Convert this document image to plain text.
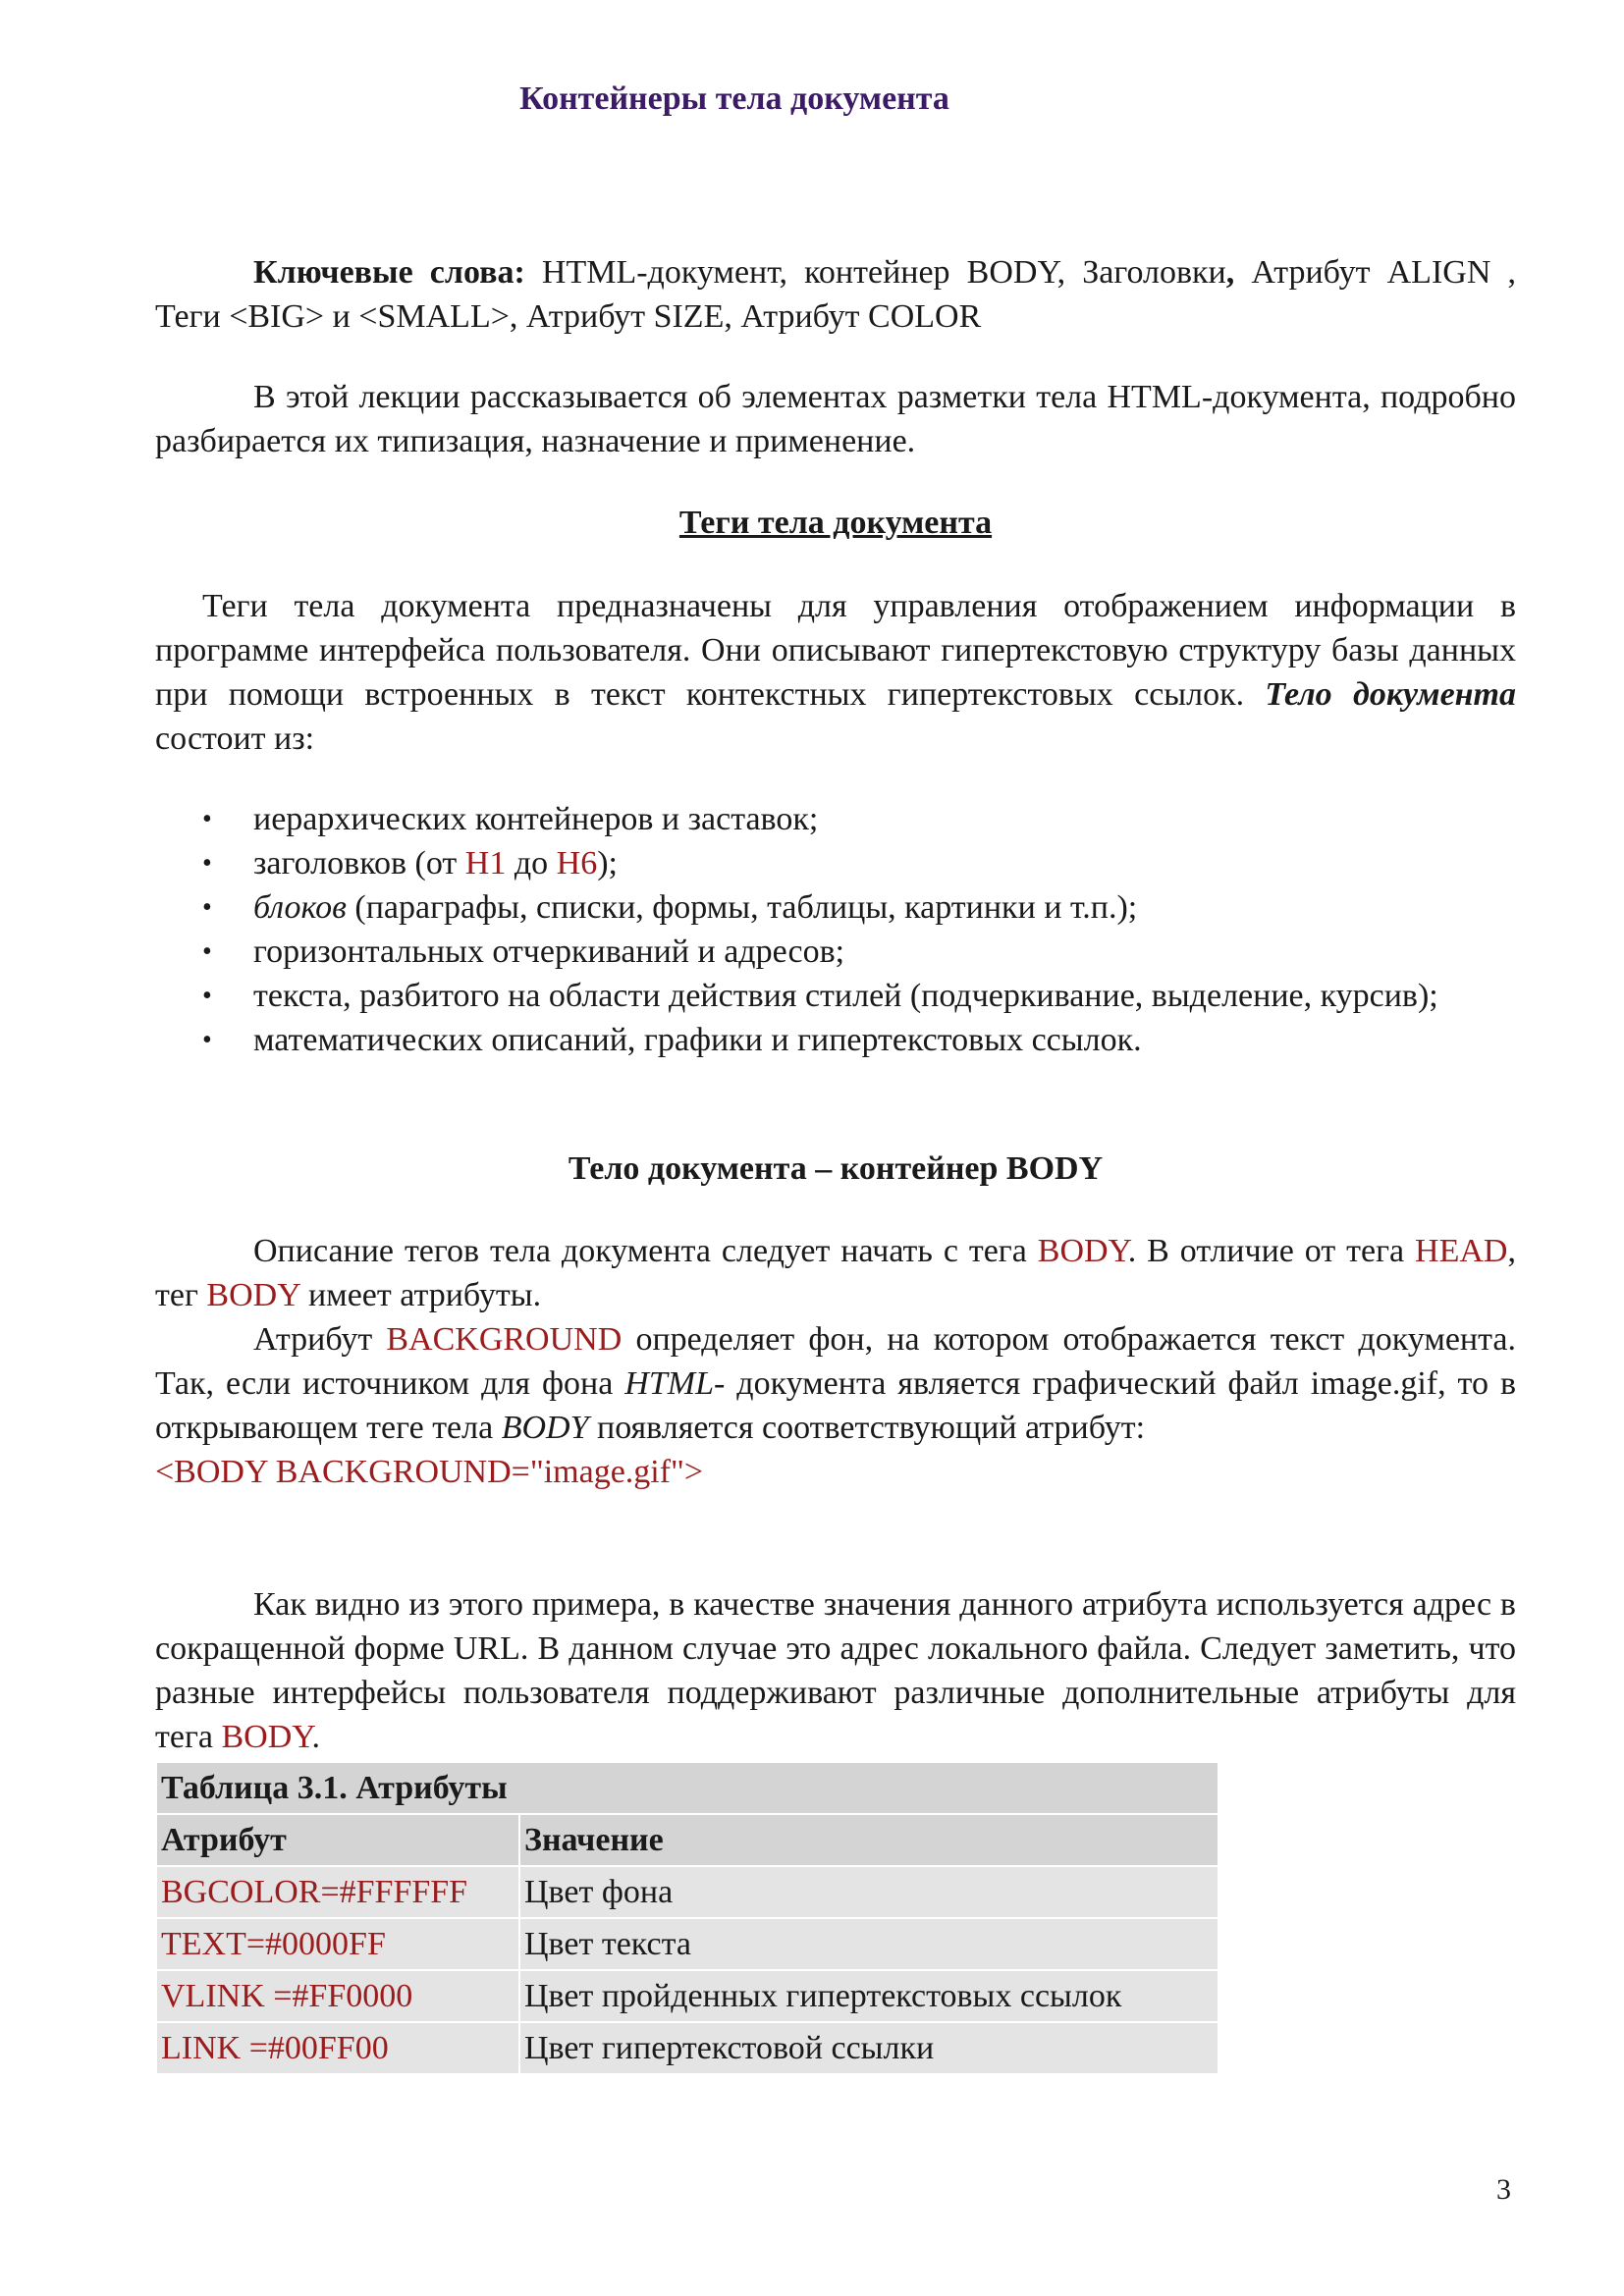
Контейнеры тела документа
Ключевые слова: HTML-документ, контейнер BODY, Заголовки, Атрибут ALIGN , Теги <BIG> и <SMALL>, Атрибут SIZE, Атрибут COLOR
В этой лекции рассказывается об элементах разметки тела HTML-документа, подробно разбирается их типизация, назначение и применение.
Теги тела документа
Теги тела документа предназначены для управления отображением информации в программе интерфейса пользователя. Они описывают гипертекстовую структуру базы данных при помощи встроенных в текст контекстных гипертекстовых ссылок. Тело документа состоит из:
• иерархических контейнеров и заставок;
• заголовков (от H1 до H6);
• блоков (параграфы, списки, формы, таблицы, картинки и т.п.);
• горизонтальных отчеркиваний и адресов;
• текста, разбитого на области действия стилей (подчеркивание, выделение, курсив);
• математических описаний, графики и гипертекстовых ссылок.
Тело документа – контейнер BODY
Описание тегов тела документа следует начать с тега BODY. В отличие от тега HEAD, тег BODY имеет атрибуты.
Атрибут BACKGROUND определяет фон, на котором отображается текст документа. Так, если источником для фона HTML- документа является графический файл image.gif, то в открывающем теге тела BODY появляется соответствующий атрибут:
<BODY BACKGROUND="image.gif">
Как видно из этого примера, в качестве значения данного атрибута используется адрес в сокращенной форме URL. В данном случае это адрес локального файла. Следует заметить, что разные интерфейсы пользователя поддерживают различные дополнительные атрибуты для тега BODY.
Таблица 3.1. Атрибуты	
Атрибут	Значение
BGCOLOR=#FFFFFF	Цвет фона
TEXT=#0000FF	Цвет текста
VLINK =#FF0000	Цвет пройденных гипертекстовых ссылок
LINK =#00FF00	Цвет гипертекстовой ссылки
3
